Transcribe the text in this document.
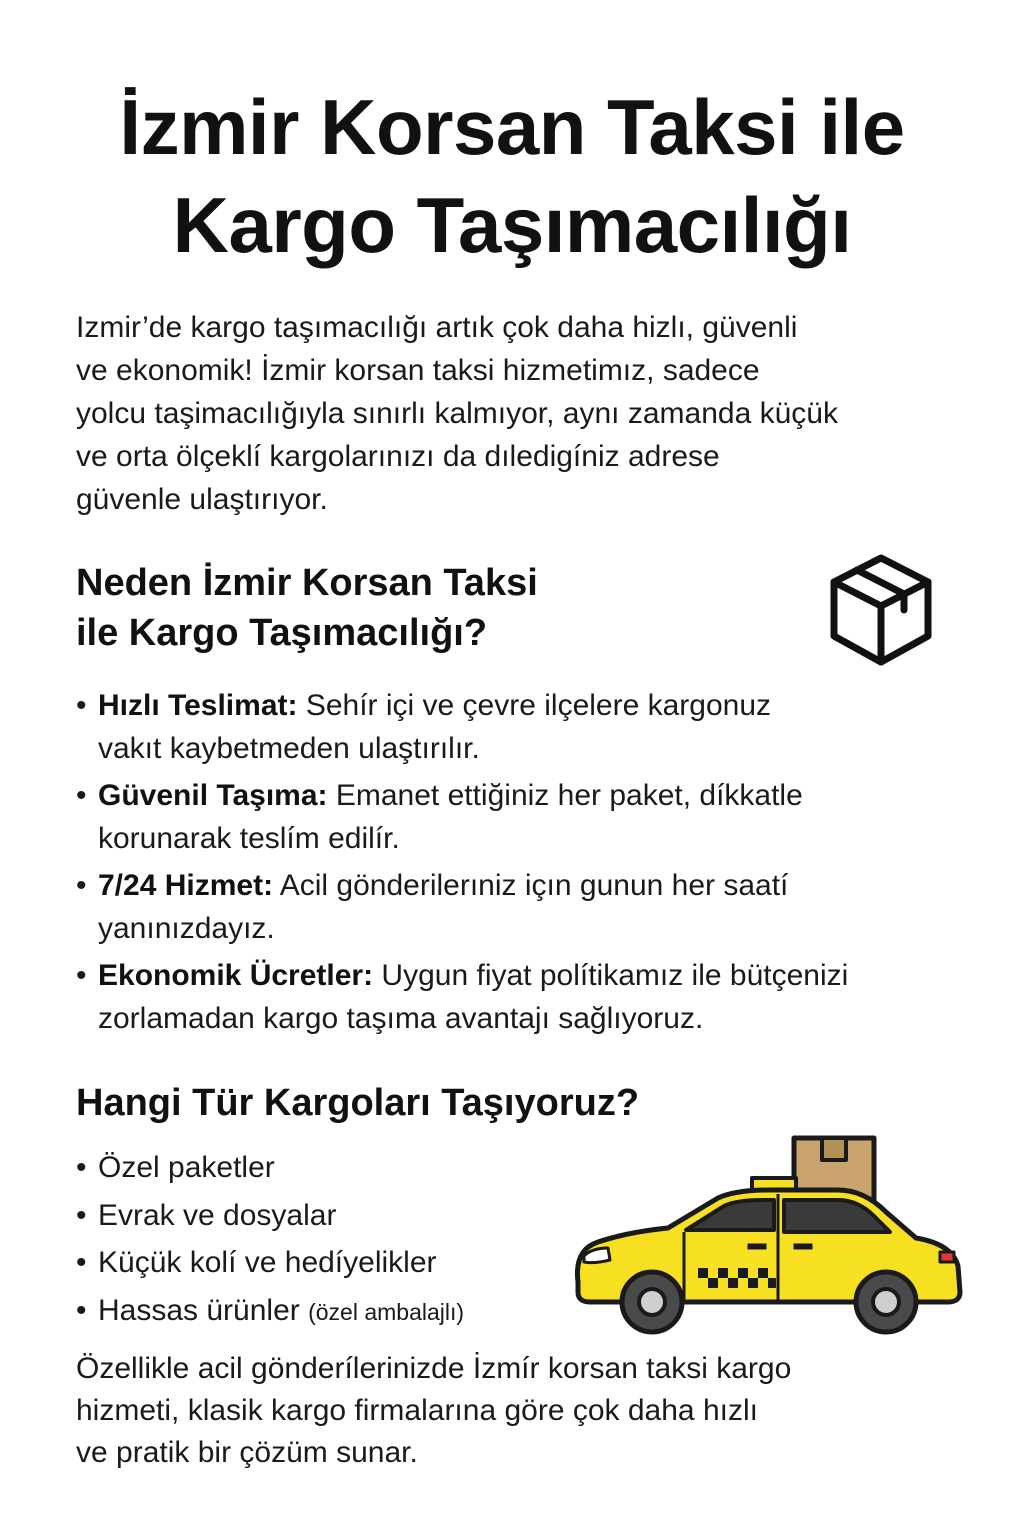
İzmir Korsan Taksi ile
Kargo Taşımacılığı

Izmir’de kargo taşımacılığı artık çok daha hizlı, güvenli
ve ekonomik! İzmir korsan taksi hizmetimız, sadece
yolcu taşimacılığıyla sınırlı kalmıyor, aynı zamanda küçük
ve orta ölçeklí kargolarınızı da dıledigíniz adrese
güvenle ulaştırıyor.

Neden İzmir Korsan Taksi
ile Kargo Taşımacılığı?
• Hızlı Teslimat: Sehír içi ve çevre ilçelere kargonuz
vakıt kaybetmeden ulaştırılır.
• Güvenil Taşıma: Emanet ettiğiniz her paket, díkkatle
korunarak teslím edilír.
• 7/24 Hizmet: Acil gönderilerıniz içın gunun her saatí
yanınızdayız.
• Ekonomik Ücretler: Uygun fiyat polítikamız ile bütçenizi
zorlamadan kargo taşıma avantajı sağlıyoruz.
Hangi Tür Kargoları Taşıyoruz?
• Özel paketler
• Evrak ve dosyalar
• Küçük kolí ve hedíyelikler
• Hassas ürünler (özel ambalajlı)

Özellikle acil gönderílerinizde İzmír korsan taksi kargo
hizmeti, klasik kargo firmalarına göre çok daha hızlı
ve pratik bir çözüm sunar.
